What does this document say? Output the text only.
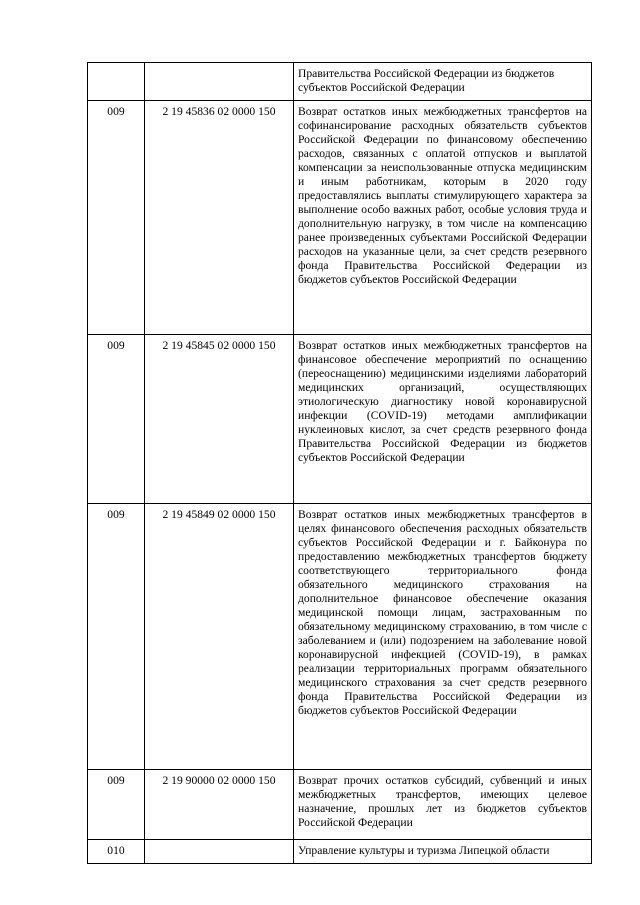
		Правительства Российской Федерации из бюджетов субъектов Российской Федерации
009	2 19 45836 02 0000 150	Возврат остатков иных межбюджетных трансфертов на софинансирование расходных обязательств субъектов Российской Федерации по финансовому обеспечению расходов, связанных с оплатой отпусков и выплатой компенсации за неиспользованные отпуска медицинским и иным работникам, которым в 2020 году предоставлялись выплаты стимулирующего характера за выполнение особо важных работ, особые условия труда и дополнительную нагрузку, в том числе на компенсацию ранее произведенных субъектами Российской Федерации расходов на указанные цели, за счет средств резервного фонда Правительства Российской Федерации из бюджетов субъектов Российской Федерации
009	2 19 45845 02 0000 150	Возврат остатков иных межбюджетных трансфертов на финансовое обеспечение мероприятий по оснащению (переоснащению) медицинскими изделиями лабораторий медицинских организаций, осуществляющих этиологическую диагностику новой коронавирусной инфекции (COVID-19) методами амплификации нуклеиновых кислот, за счет средств резервного фонда Правительства Российской Федерации из бюджетов субъектов Российской Федерации
009	2 19 45849 02 0000 150	Возврат остатков иных межбюджетных трансфертов в целях финансового обеспечения расходных обязательств субъектов Российской Федерации и г. Байконура по предоставлению межбюджетных трансфертов бюджету соответствующего территориального фонда обязательного медицинского страхования на дополнительное финансовое обеспечение оказания медицинской помощи лицам, застрахованным по обязательному медицинскому страхованию, в том числе с заболеванием и (или) подозрением на заболевание новой коронавирусной инфекцией (COVID-19), в рамках реализации территориальных программ обязательного медицинского страхования за счет средств резервного фонда Правительства Российской Федерации из бюджетов субъектов Российской Федерации
009	2 19 90000 02 0000 150	Возврат прочих остатков субсидий, субвенций и иных межбюджетных трансфертов, имеющих целевое назначение, прошлых лет из бюджетов субъектов Российской Федерации
010		Управление культуры и туризма Липецкой области
